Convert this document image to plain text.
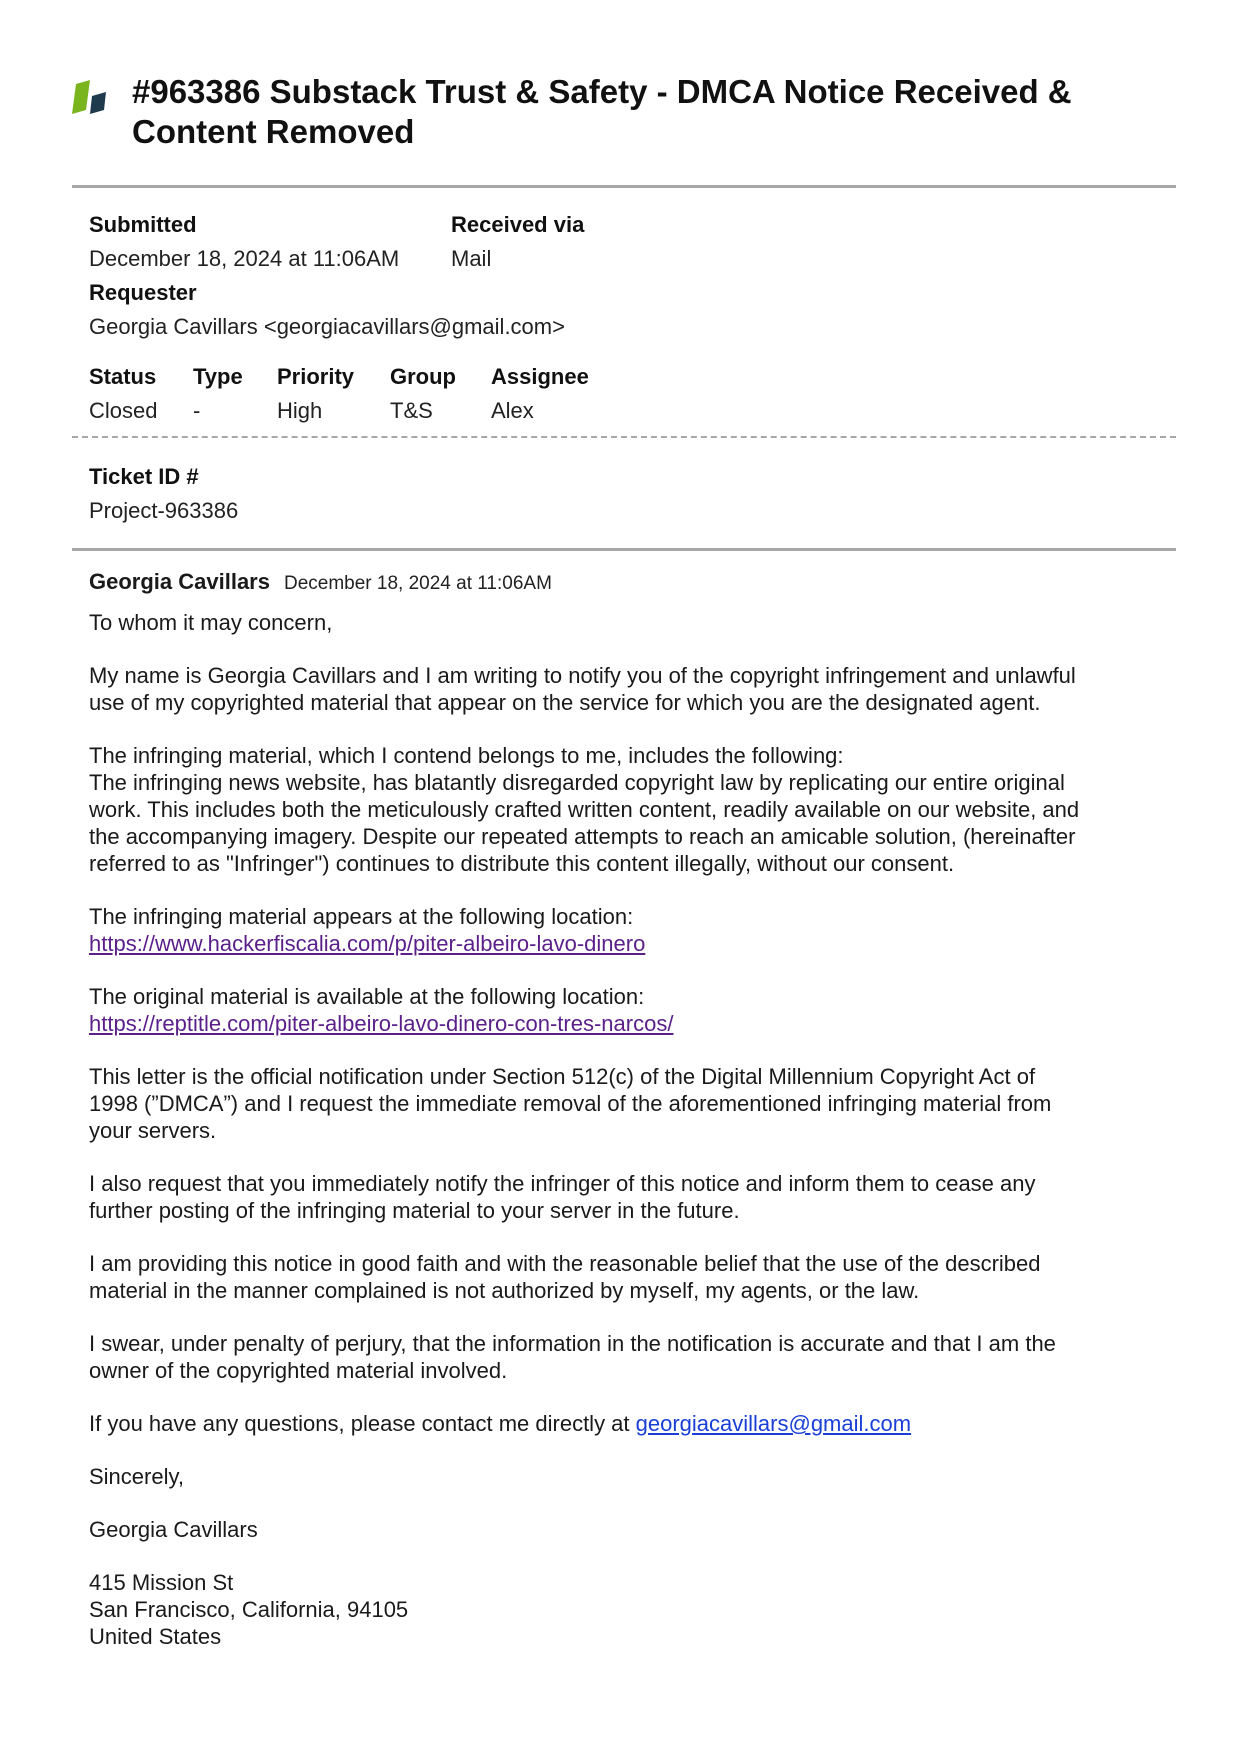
#963386 Substack Trust & Safety - DMCA Notice Received & Content Removed
Submitted
December 18, 2024 at 11:06AM
Received via
Mail
Requester
Georgia Cavillars <georgiacavillars@gmail.com>
Status
Closed
Type
-
Priority
High
Group
T&S
Assignee
Alex
Ticket ID #
Project-963386

Georgia Cavillars December 18, 2024 at 11:06AM

To whom it may concern,

My name is Georgia Cavillars and I am writing to notify you of the copyright infringement and unlawful

use of my copyrighted material that appear on the service for which you are the designated agent.

The infringing material, which I contend belongs to me, includes the following:

The infringing news website, has blatantly disregarded copyright law by replicating our entire original

work. This includes both the meticulously crafted written content, readily available on our website, and

the accompanying imagery. Despite our repeated attempts to reach an amicable solution, (hereinafter

referred to as "Infringer") continues to distribute this content illegally, without our consent.

The infringing material appears at the following location:

https://www.hackerfiscalia.com/p/piter-albeiro-lavo-dinero

The original material is available at the following location:

https://reptitle.com/piter-albeiro-lavo-dinero-con-tres-narcos/

This letter is the official notification under Section 512(c) of the Digital Millennium Copyright Act of

1998 (”DMCA”) and I request the immediate removal of the aforementioned infringing material from

your servers.

I also request that you immediately notify the infringer of this notice and inform them to cease any

further posting of the infringing material to your server in the future.

I am providing this notice in good faith and with the reasonable belief that the use of the described

material in the manner complained is not authorized by myself, my agents, or the law.

I swear, under penalty of perjury, that the information in the notification is accurate and that I am the

owner of the copyrighted material involved.

If you have any questions, please contact me directly at georgiacavillars@gmail.com

Sincerely,

Georgia Cavillars

415 Mission St

San Francisco, California, 94105

United States
